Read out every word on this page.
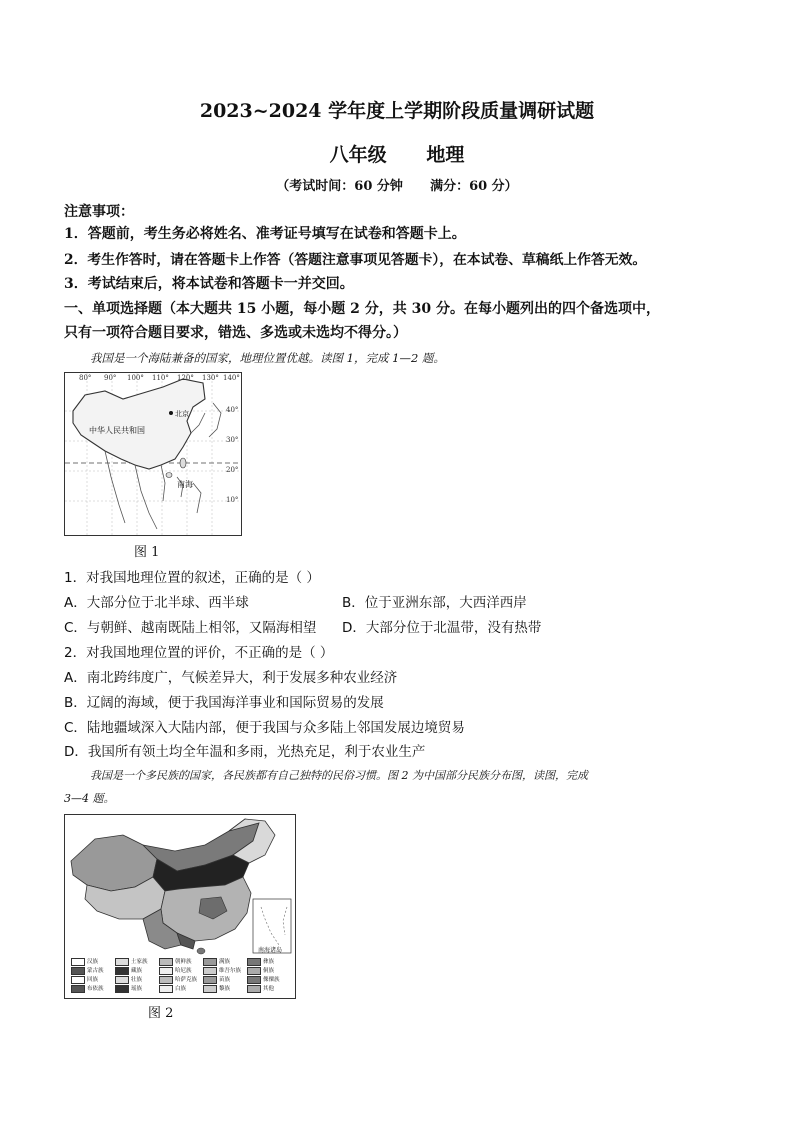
2023~2024 学年度上学期阶段质量调研试题
八年级      地理
（考试时间：60 分钟      满分：60 分）
注意事项：
1．答题前，考生务必将姓名、准考证号填写在试卷和答题卡上。
2．考生作答时，请在答题卡上作答（答题注意事项见答题卡），在本试卷、草稿纸上作答无效。
3．考试结束后，将本试卷和答题卡一并交回。
一、单项选择题（本大题共 15 小题，每小题 2 分，共 30 分。在每小题列出的四个备选项中，
只有一项符合题目要求，错选、多选或未选均不得分。）
我国是一个海陆兼备的国家，地理位置优越。读图 1，完成 1—2 题。
80° 90° 100° 110° 120° 130° 140°
40°
30°
20°
10°
中华人民共和国
北京
南海
图 1
1．对我国地理位置的叙述，正确的是（ ）
A．大部分位于北半球、西半球	B．位于亚洲东部，大西洋西岸
C．与朝鲜、越南既陆上相邻，又隔海相望 D．大部分位于北温带，没有热带
2．对我国地理位置的评价，不正确的是（ ）
A．南北跨纬度广，气候差异大，利于发展多种农业经济
B．辽阔的海域，便于我国海洋事业和国际贸易的发展
C．陆地疆域深入大陆内部，便于我国与众多陆上邻国发展边境贸易
D．我国所有领土均全年温和多雨，光热充足，利于农业生产
我国是一个多民族的国家，各民族都有自己独特的民俗习惯。图 2 为中国部分民族分布图，读图，完成
3—4 题。
南海诸岛
汉族	土家族	朝鲜族	满族	彝族
蒙古族	藏族	哈尼族	维吾尔族	侗族
回族	壮族	哈萨克族	苗族	傈僳族
布依族	瑶族	白族	黎族	其他
图 2
